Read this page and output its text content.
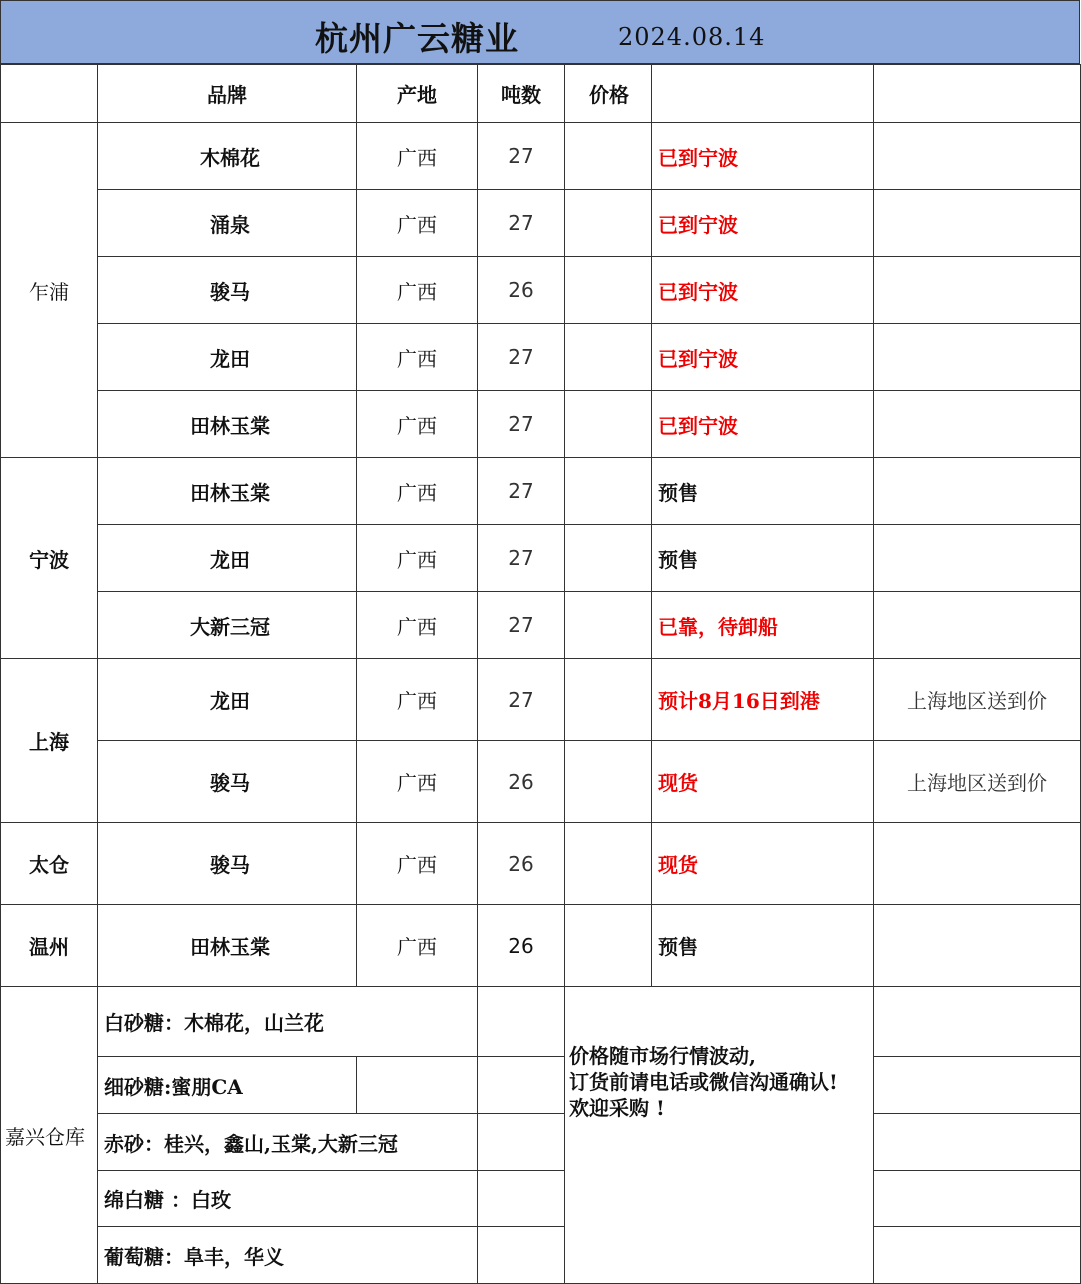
杭州广云糖业	2024.08.14
	品牌	产地	吨数	价格		
乍浦	木棉花	广西	27		已到宁波	
	涌泉	广西	27		已到宁波	
	骏马	广西	26		已到宁波	
	龙田	广西	27		已到宁波	
	田林玉棠	广西	27		已到宁波	
宁波	田林玉棠	广西	27		预售	
	龙田	广西	27		预售	
	大新三冠	广西	27		已靠，待卸船	
上海	龙田	广西	27		预计8月16日到港	上海地区送到价
	骏马	广西	26		现货	上海地区送到价
太仓	骏马	广西	26		现货	
温州	田林玉棠	广西	26		预售	
嘉兴仓库	白砂糖：木棉花，山兰花			价格随市场行情波动,
订货前请电话或微信沟通确认!
欢迎采购 !		

	细砂糖:蜜朋CA					
	赤砂：桂兴，鑫山,玉棠,大新三冠					
	绵白糖 ：白玫					
	葡萄糖：阜丰，华义					
